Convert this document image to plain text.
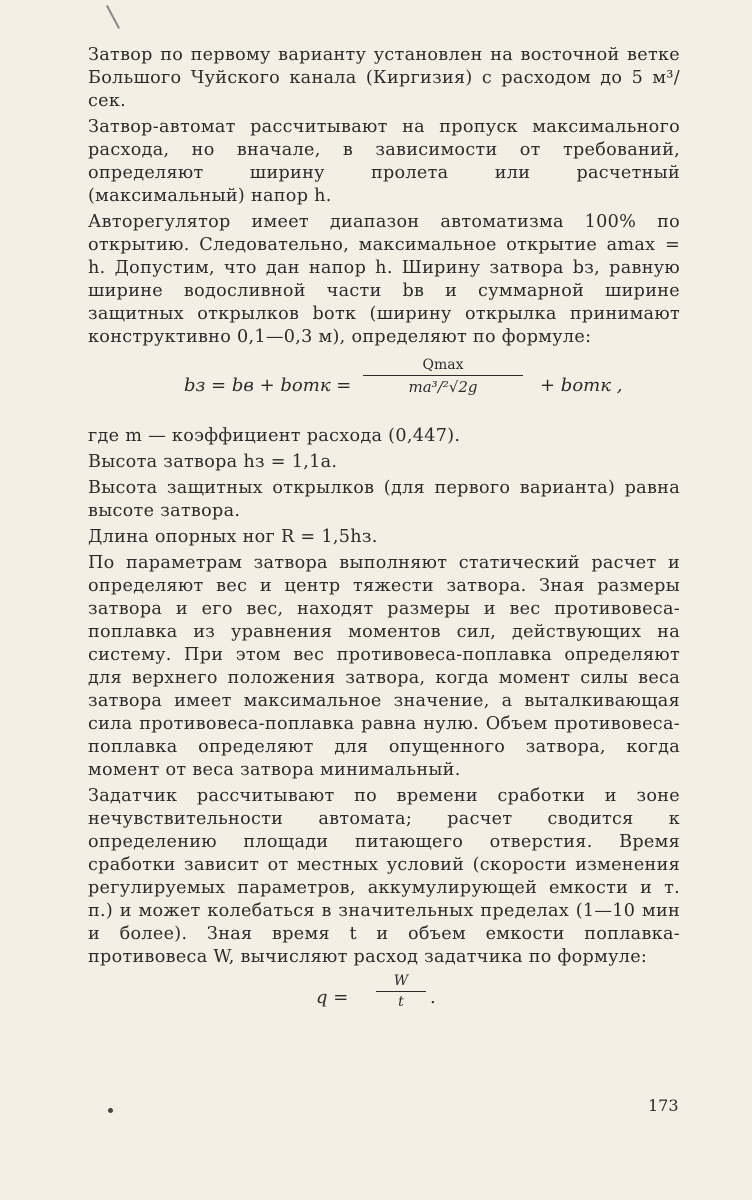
Затвор по первому варианту установлен на восточной ветке Большого Чуйского канала (Киргизия) с расходом до 5 м³/сек.

Затвор-автомат рассчитывают на пропуск максимального расхода, но вначале, в зависимости от требований, определяют ширину пролета или расчетный (максимальный) напор h.

Авторегулятор имеет диапазон автоматизма 100% по открытию. Следовательно, максимальное открытие amax = h. Допустим, что дан напор h. Ширину затвора bз, равную ширине водосливной части bв и суммарной ширине защитных открылков bотк (ширину открылка принимают конструктивно 0,1—0,3 м), определяют по формуле:

bз = bв + bотк =
Qmax
ma³/²√2g	+ bотк ,

где m — коэффициент расхода (0,447).

Высота затвора hз = 1,1a.

Высота защитных открылков (для первого варианта) равна высоте затвора.

Длина опорных ног R = 1,5hз.

По параметрам затвора выполняют статический расчет и определяют вес и центр тяжести затвора. Зная размеры затвора и его вес, находят размеры и вес противовеса-поплавка из уравнения моментов сил, действующих на систему. При этом вес противовеса-поплавка определяют для верхнего положения затвора, когда момент силы веса затвора имеет максимальное значение, а выталкивающая сила противовеса-поплавка равна нулю. Объем противовеса-поплавка определяют для опущенного затвора, когда момент от веса затвора минимальный.

Задатчик рассчитывают по времени сработки и зоне нечувствительности автомата; расчет сводится к определению площади питающего отверстия. Время сработки зависит от местных условий (скорости изменения регулируемых параметров, аккумулирующей емкости и т. п.) и может колебаться в значительных пределах (1—10 мин и более). Зная время t и объем емкости поплавка-противовеса W, вычисляют расход задатчика по формуле:

$q = \frac{W}{t}$ .
173
